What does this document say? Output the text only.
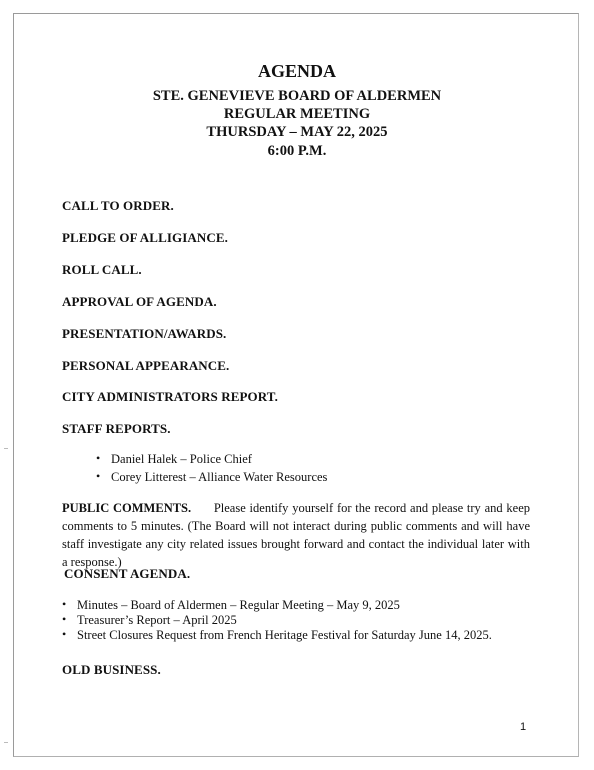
AGENDA
STE. GENEVIEVE BOARD OF ALDERMEN
REGULAR MEETING
THURSDAY – MAY 22, 2025
6:00 P.M.
CALL TO ORDER.
PLEDGE OF ALLIGIANCE.
ROLL CALL.
APPROVAL OF AGENDA.
PRESENTATION/AWARDS.
PERSONAL APPEARANCE.
CITY ADMINISTRATORS REPORT.
STAFF REPORTS.
• Daniel Halek – Police Chief
• Corey Litterest – Alliance Water Resources
PUBLIC COMMENTS. Please identify yourself for the record and please try and keep comments to 5 minutes. (The Board will not interact during public comments and will have staff investigate any city related issues brought forward and contact the individual later with a response.)
CONSENT AGENDA.
• Minutes – Board of Aldermen – Regular Meeting – May 9, 2025
• Treasurer’s Report – April 2025
• Street Closures Request from French Heritage Festival for Saturday June 14, 2025.
OLD BUSINESS.
1
